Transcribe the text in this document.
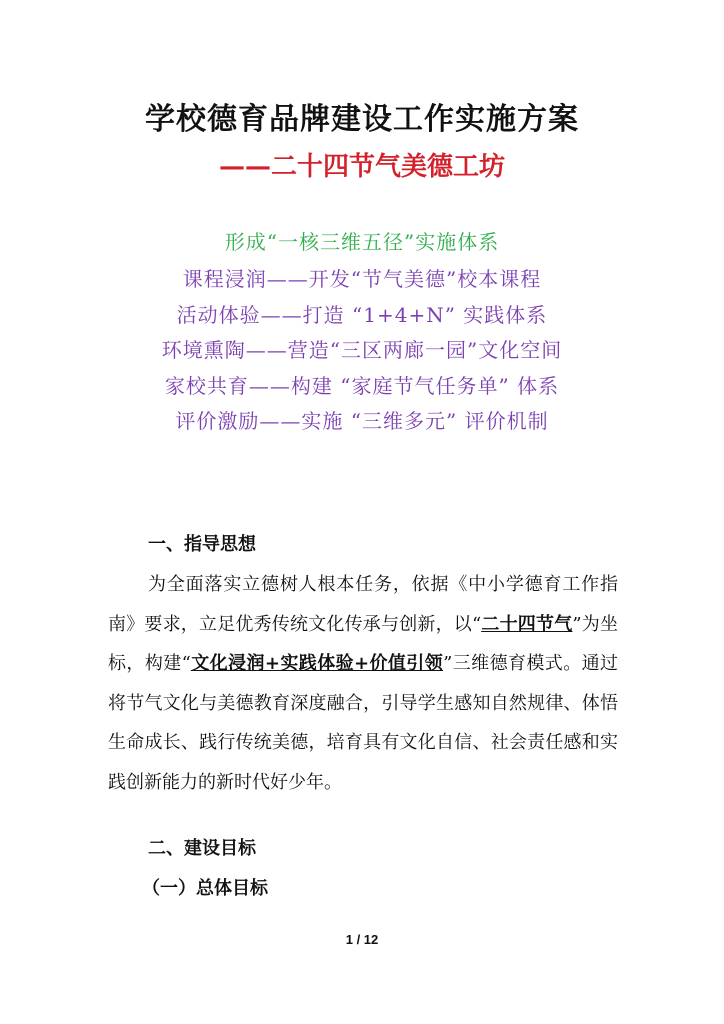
学校德育品牌建设工作实施方案
——二十四节气美德工坊
形成“一核三维五径”实施体系
课程浸润——开发“节气美德”校本课程
活动体验——打造 “1+4+N” 实践体系
环境熏陶——营造“三区两廊一园”文化空间
家校共育——构建 “家庭节气任务单” 体系
评价激励——实施 “三维多元” 评价机制
一、指导思想

为全面落实立德树人根本任务，依据《中小学德育工作指南》要求，立足优秀传统文化传承与创新，以“二十四节气”为坐标，构建“文化浸润+实践体验+价值引领”三维德育模式。通过将节气文化与美德教育深度融合，引导学生感知自然规律、体悟生命成长、践行传统美德，培育具有文化自信、社会责任感和实践创新能力的新时代好少年。

二、建设目标
（一）总体目标
1 / 12
